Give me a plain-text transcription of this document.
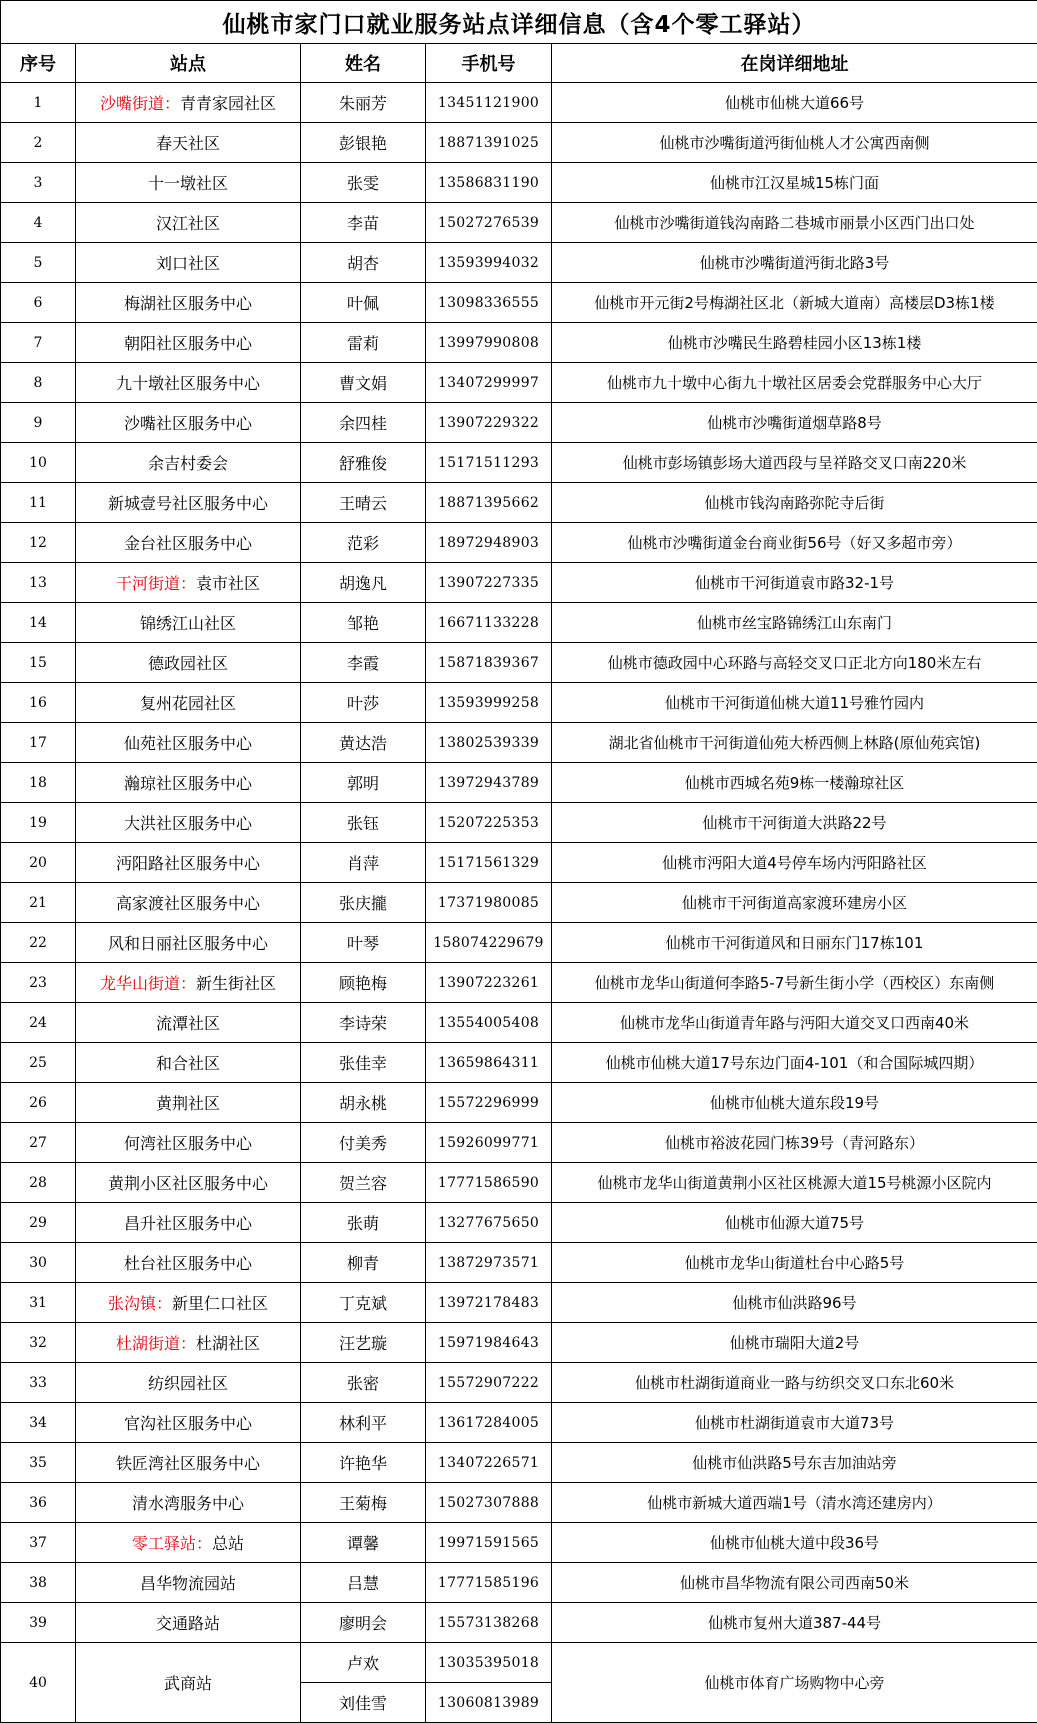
仙桃市家门口就业服务站点详细信息（含4个零工驿站）				
序号	站点	姓名	手机号	在岗详细地址
1	沙嘴街道：青青家园社区	朱丽芳	13451121900	仙桃市仙桃大道66号
2	春天社区	彭银艳	18871391025	仙桃市沙嘴街道沔街仙桃人才公寓西南侧
3	十一墩社区	张雯	13586831190	仙桃市江汉星城15栋门面
4	汉江社区	李苗	15027276539	仙桃市沙嘴街道钱沟南路二巷城市丽景小区西门出口处
5	刘口社区	胡杏	13593994032	仙桃市沙嘴街道沔街北路3号
6	梅湖社区服务中心	叶佩	13098336555	仙桃市开元街2号梅湖社区北（新城大道南）高楼层D3栋1楼
7	朝阳社区服务中心	雷莉	13997990808	仙桃市沙嘴民生路碧桂园小区13栋1楼
8	九十墩社区服务中心	曹文娟	13407299997	仙桃市九十墩中心街九十墩社区居委会党群服务中心大厅
9	沙嘴社区服务中心	余四桂	13907229322	仙桃市沙嘴街道烟草路8号
10	余吉村委会	舒雅俊	15171511293	仙桃市彭场镇彭场大道西段与呈祥路交叉口南220米
11	新城壹号社区服务中心	王晴云	18871395662	仙桃市钱沟南路弥陀寺后街
12	金台社区服务中心	范彩	18972948903	仙桃市沙嘴街道金台商业街56号（好又多超市旁）
13	干河街道：袁市社区	胡逸凡	13907227335	仙桃市干河街道袁市路32-1号
14	锦绣江山社区	邹艳	16671133228	仙桃市丝宝路锦绣江山东南门
15	德政园社区	李霞	15871839367	仙桃市德政园中心环路与高轻交叉口正北方向180米左右
16	复州花园社区	叶莎	13593999258	仙桃市干河街道仙桃大道11号雅竹园内
17	仙苑社区服务中心	黄达浩	13802539339	湖北省仙桃市干河街道仙苑大桥西侧上林路(原仙苑宾馆)
18	瀚琼社区服务中心	郭明	13972943789	仙桃市西城名苑9栋一楼瀚琼社区
19	大洪社区服务中心	张钰	15207225353	仙桃市干河街道大洪路22号
20	沔阳路社区服务中心	肖萍	15171561329	仙桃市沔阳大道4号停车场内沔阳路社区
21	高家渡社区服务中心	张庆攏	17371980085	仙桃市干河街道高家渡环建房小区
22	风和日丽社区服务中心	叶琴	158074229679	仙桃市干河街道风和日丽东门17栋101
23	龙华山街道：新生街社区	顾艳梅	13907223261	仙桃市龙华山街道何李路5-7号新生街小学（西校区）东南侧
24	流潭社区	李诗荣	13554005408	仙桃市龙华山街道青年路与沔阳大道交叉口西南40米
25	和合社区	张佳幸	13659864311	仙桃市仙桃大道17号东边门面4-101（和合国际城四期）
26	黄荆社区	胡永桃	15572296999	仙桃市仙桃大道东段19号
27	何湾社区服务中心	付美秀	15926099771	仙桃市裕波花园门栋39号（青河路东）
28	黄荆小区社区服务中心	贺兰容	17771586590	仙桃市龙华山街道黄荆小区社区桃源大道15号桃源小区院内
29	昌升社区服务中心	张萌	13277675650	仙桃市仙源大道75号
30	杜台社区服务中心	柳青	13872973571	仙桃市龙华山街道杜台中心路5号
31	张沟镇：新里仁口社区	丁克斌	13972178483	仙桃市仙洪路96号
32	杜湖街道：杜湖社区	汪艺璇	15971984643	仙桃市瑞阳大道2号
33	纺织园社区	张密	15572907222	仙桃市杜湖街道商业一路与纺织交叉口东北60米
34	官沟社区服务中心	林利平	13617284005	仙桃市杜湖街道袁市大道73号
35	铁匠湾社区服务中心	许艳华	13407226571	仙桃市仙洪路5号东吉加油站旁
36	清水湾服务中心	王菊梅	15027307888	仙桃市新城大道西端1号（清水湾还建房内）
37	零工驿站：总站	谭馨	19971591565	仙桃市仙桃大道中段36号
38	昌华物流园站	吕慧	17771585196	仙桃市昌华物流有限公司西南50米
39	交通路站	廖明会	15573138268	仙桃市复州大道387-44号
40	武商站	卢欢	13035395018	仙桃市体育广场购物中心旁
		刘佳雪	13060813989	
